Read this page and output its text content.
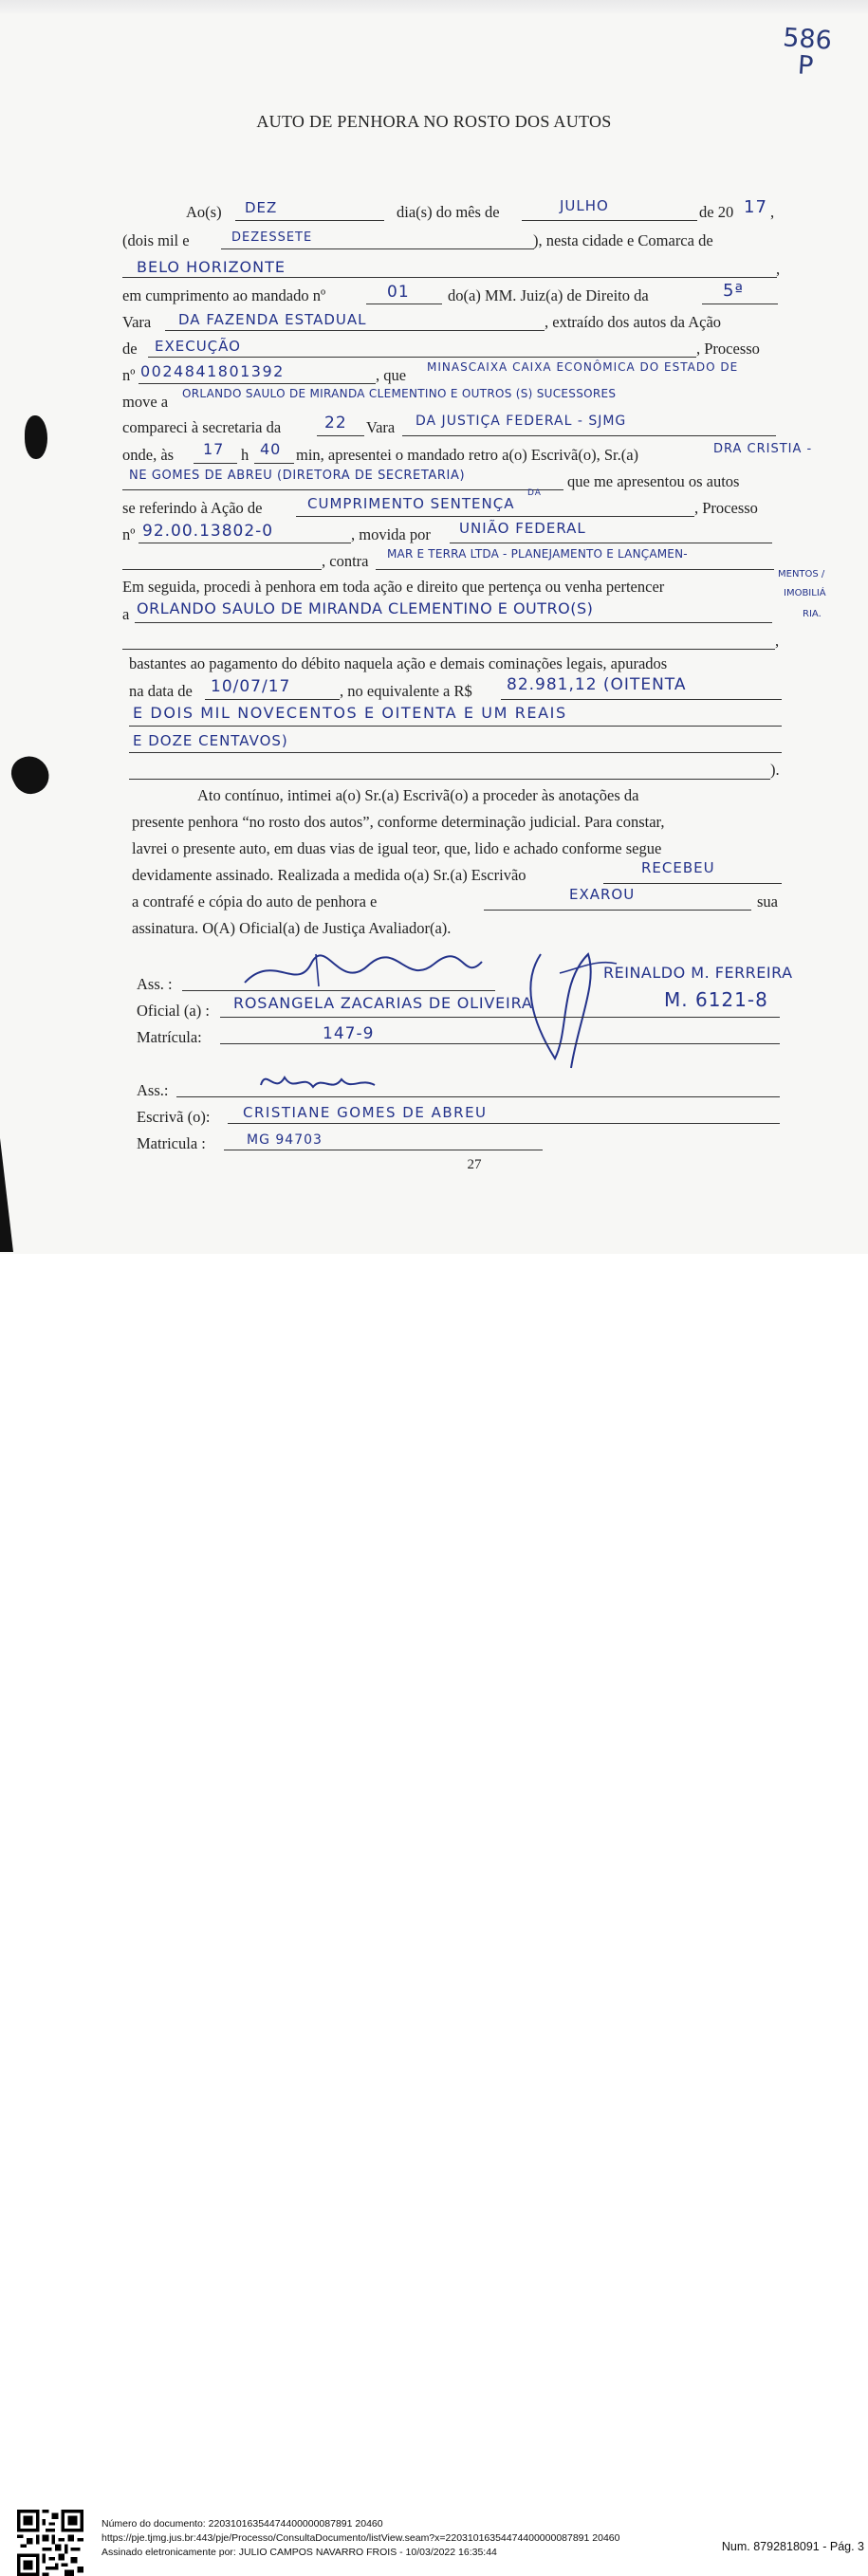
586
P
AUTO DE PENHORA NO ROSTO DOS AUTOS
Ao(s) DEZ	dia(s) do mês de	JULHO	de 20 17 ,
(dois mil e	DEZESSETE	), nesta cidade e Comarca de
BELO HORIZONTE	,
em cumprimento ao mandado nº	01 do(a) MM. Juiz(a) de Direito da	5ª
Vara DA FAZENDA ESTADUAL	, extraído dos autos da Ação
de EXECUÇÃO	, Processo
nº 0024841801392	, que MINASCAIXA CAIXA ECONÔMICA DO ESTADO DE
move a ORLANDO SAULO DE MIRANDA CLEMENTINO E OUTROS (S) SUCESSORES
compareci à secretaria da	22 Vara DA JUSTIÇA FEDERAL - SJMG
onde, às 17 h 40 min, apresentei o mandado retro a(o) Escrivã(o), Sr.(a)	DRA CRISTIA -
NE GOMES DE ABREU (DIRETORA DE SECRETARIA)	que me apresentou os autos
se referindo à Ação de	CUMPRIMENTO SENTENÇA
DA
, Processo
nº 92.00.13802-0	, movida por UNIÃO FEDERAL
, contra MAR E TERRA LTDA - PLANEJAMENTO E LANÇAMEN-
MENTOS /
IMOBILIÁ
RIA.
Em seguida, procedi à penhora em toda ação e direito que pertença ou venha pertencer
a ORLANDO SAULO DE MIRANDA CLEMENTINO E OUTRO(S)
,
bastantes ao pagamento do débito naquela ação e demais cominações legais, apurados
na data de 10/07/17	, no equivalente a R$ 82.981,12 (OITENTA
E DOIS MIL NOVECENTOS E OITENTA E UM REAIS
E DOZE CENTAVOS)
).
Ato contínuo, intimei a(o) Sr.(a) Escrivã(o) a proceder às anotações da
presente penhora “no rosto dos autos”, conforme determinação judicial. Para constar,
lavrei o presente auto, em duas vias de igual teor, que, lido e achado conforme segue
devidamente assinado. Realizada a medida o(a) Sr.(a) Escrivão	RECEBEU
a contrafé e cópia do auto de penhora e	EXAROU	sua
assinatura. O(A) Oficial(a) de Justiça Avaliador(a).
Ass. :
REINALDO M. FERREIRA
Oficial (a) : ROSANGELA ZACARIAS DE OLIVEIRA	M. 6121-8
Matrícula:	147-9
Ass.:
Escrivã (o): CRISTIANE GOMES DE ABREU
Matricula :	MG 94703
27
Número do documento: 22031016354474400000087891 20460
https://pje.tjmg.jus.br:443/pje/Processo/ConsultaDocumento/listView.seam?x=22031016354474400000087891 20460
Assinado eletronicamente por: JULIO CAMPOS NAVARRO FROIS - 10/03/2022 16:35:44	Num. 8792818091 - Pág. 3
